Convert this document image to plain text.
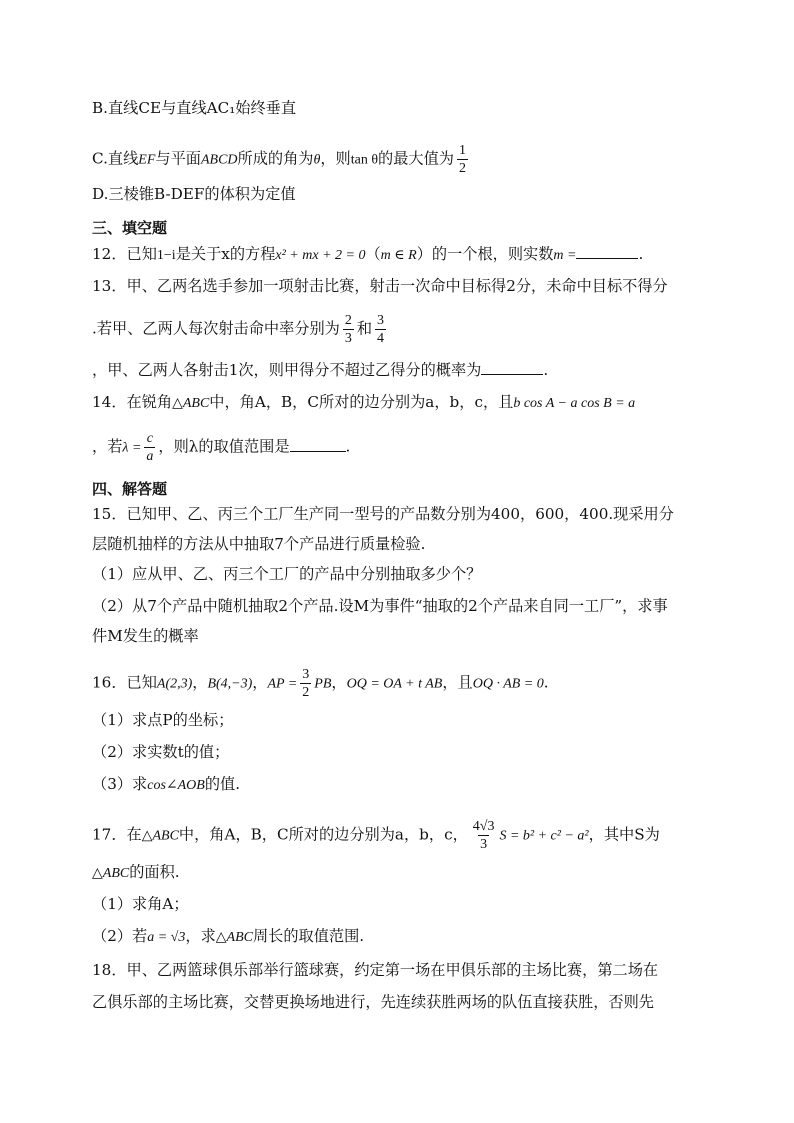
B.直线CE与直线AC₁始终垂直
C.直线EF与平面ABCD所成的角为θ，则tan θ的最大值为 $\frac{1}{2}$
D.三棱锥B-DEF的体积为定值
三、填空题
12．已知1−i是关于x的方程x² + mx + 2 = 0（m ∈ R）的一个根，则实数m =	.
13．甲、乙两名选手参加一项射击比赛，射击一次命中目标得2分，未命中目标不得分
.若甲、乙两人每次射击命中率分别为 $\frac{2}{3}$ 和 $\frac{3}{4}$
，甲、乙两人各射击1次，则甲得分不超过乙得分的概率为	.
14．在锐角△ABC中，角A，B，C所对的边分别为a，b，c，且b cos A − a cos B = a
，若$\lambda = \frac{c}{a}$ ，则λ的取值范围是	.
四、解答题
15．已知甲、乙、丙三个工厂生产同一型号的产品数分别为400，600，400.现采用分
层随机抽样的方法从中抽取7个产品进行质量检验.
（1）应从甲、乙、丙三个工厂的产品中分别抽取多少个？
（2）从7个产品中随机抽取2个产品.设M为事件“抽取的2个产品来自同一工厂”，求事
件M发生的概率
16．已知A(2,3)，B(4,−3)，AP = $\frac{3}{2}$ PB，OQ = OA + t AB，且OQ · AB = 0.
（1）求点P的坐标；
（2）求实数t的值；
（3）求cos∠AOB的值.
17．在△ABC中，角A，B，C所对的边分别为a，b，c， $\frac{4√3}{3}$ S = b² + c² − a²，其中S为
△ABC的面积.
（1）求角A；
（2）若a = √3，求△ABC周长的取值范围.
18．甲、乙两篮球俱乐部举行篮球赛，约定第一场在甲俱乐部的主场比赛，第二场在
乙俱乐部的主场比赛，交替更换场地进行，先连续获胜两场的队伍直接获胜，否则先
